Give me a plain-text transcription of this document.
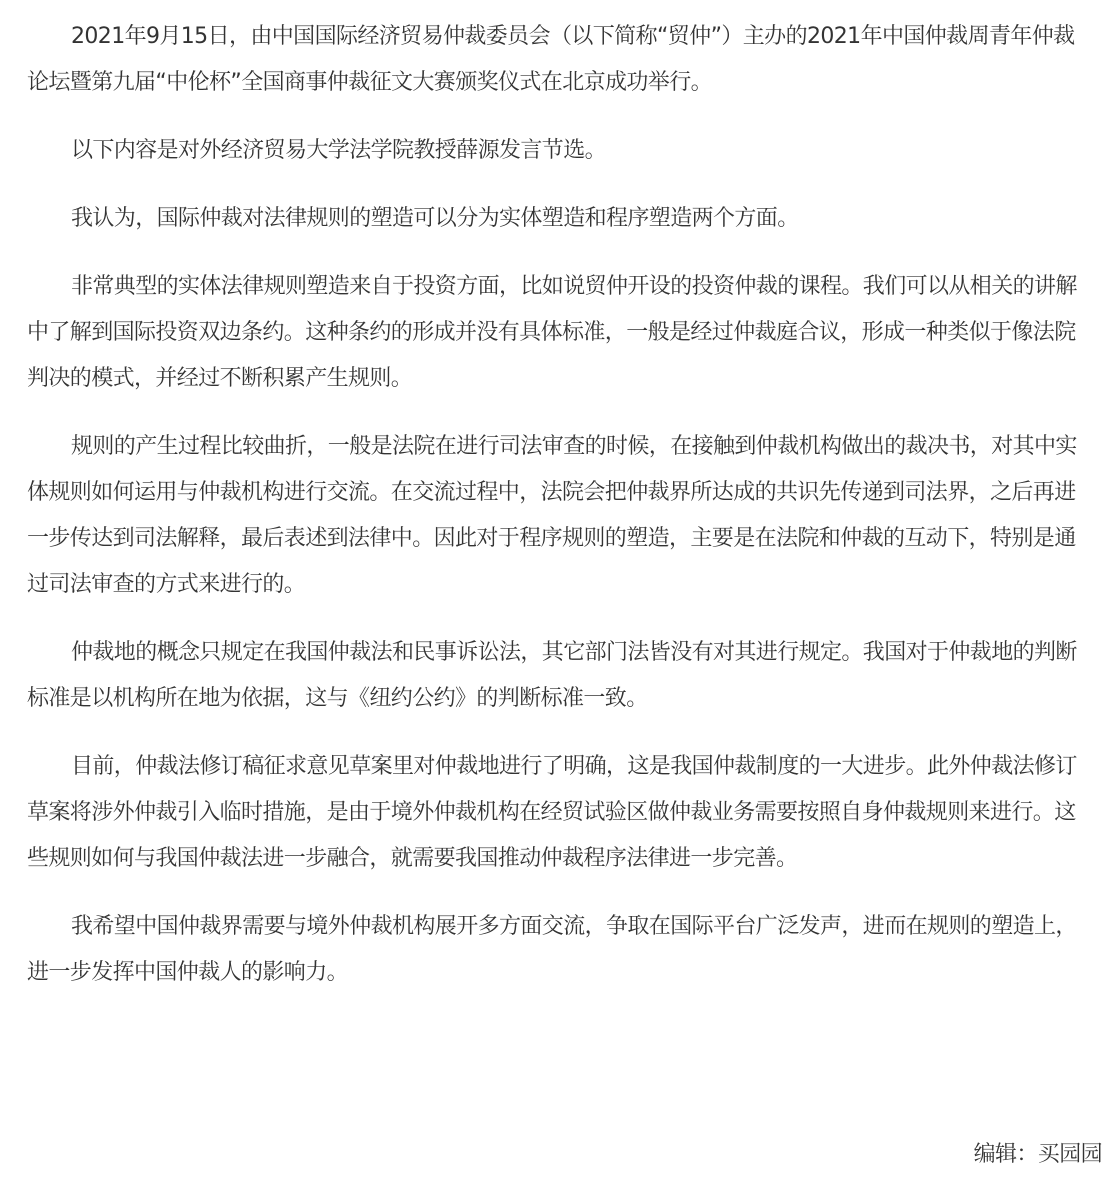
2021年9月15日，由中国国际经济贸易仲裁委员会（以下简称“贸仲”）主办的2021年中国仲裁周青年仲裁论坛暨第九届“中伦杯”全国商事仲裁征文大赛颁奖仪式在北京成功举行。

以下内容是对外经济贸易大学法学院教授薛源发言节选。

我认为，国际仲裁对法律规则的塑造可以分为实体塑造和程序塑造两个方面。

非常典型的实体法律规则塑造来自于投资方面，比如说贸仲开设的投资仲裁的课程。我们可以从相关的讲解中了解到国际投资双边条约。这种条约的形成并没有具体标准，一般是经过仲裁庭合议，形成一种类似于像法院判决的模式，并经过不断积累产生规则。

规则的产生过程比较曲折，一般是法院在进行司法审查的时候，在接触到仲裁机构做出的裁决书，对其中实体规则如何运用与仲裁机构进行交流。在交流过程中，法院会把仲裁界所达成的共识先传递到司法界，之后再进一步传达到司法解释，最后表述到法律中。因此对于程序规则的塑造，主要是在法院和仲裁的互动下，特别是通过司法审查的方式来进行的。

仲裁地的概念只规定在我国仲裁法和民事诉讼法，其它部门法皆没有对其进行规定。我国对于仲裁地的判断标准是以机构所在地为依据，这与《纽约公约》的判断标准一致。

目前，仲裁法修订稿征求意见草案里对仲裁地进行了明确，这是我国仲裁制度的一大进步。此外仲裁法修订草案将涉外仲裁引入临时措施，是由于境外仲裁机构在经贸试验区做仲裁业务需要按照自身仲裁规则来进行。这些规则如何与我国仲裁法进一步融合，就需要我国推动仲裁程序法律进一步完善。

我希望中国仲裁界需要与境外仲裁机构展开多方面交流，争取在国际平台广泛发声，进而在规则的塑造上，进一步发挥中国仲裁人的影响力。

编辑：买园园
